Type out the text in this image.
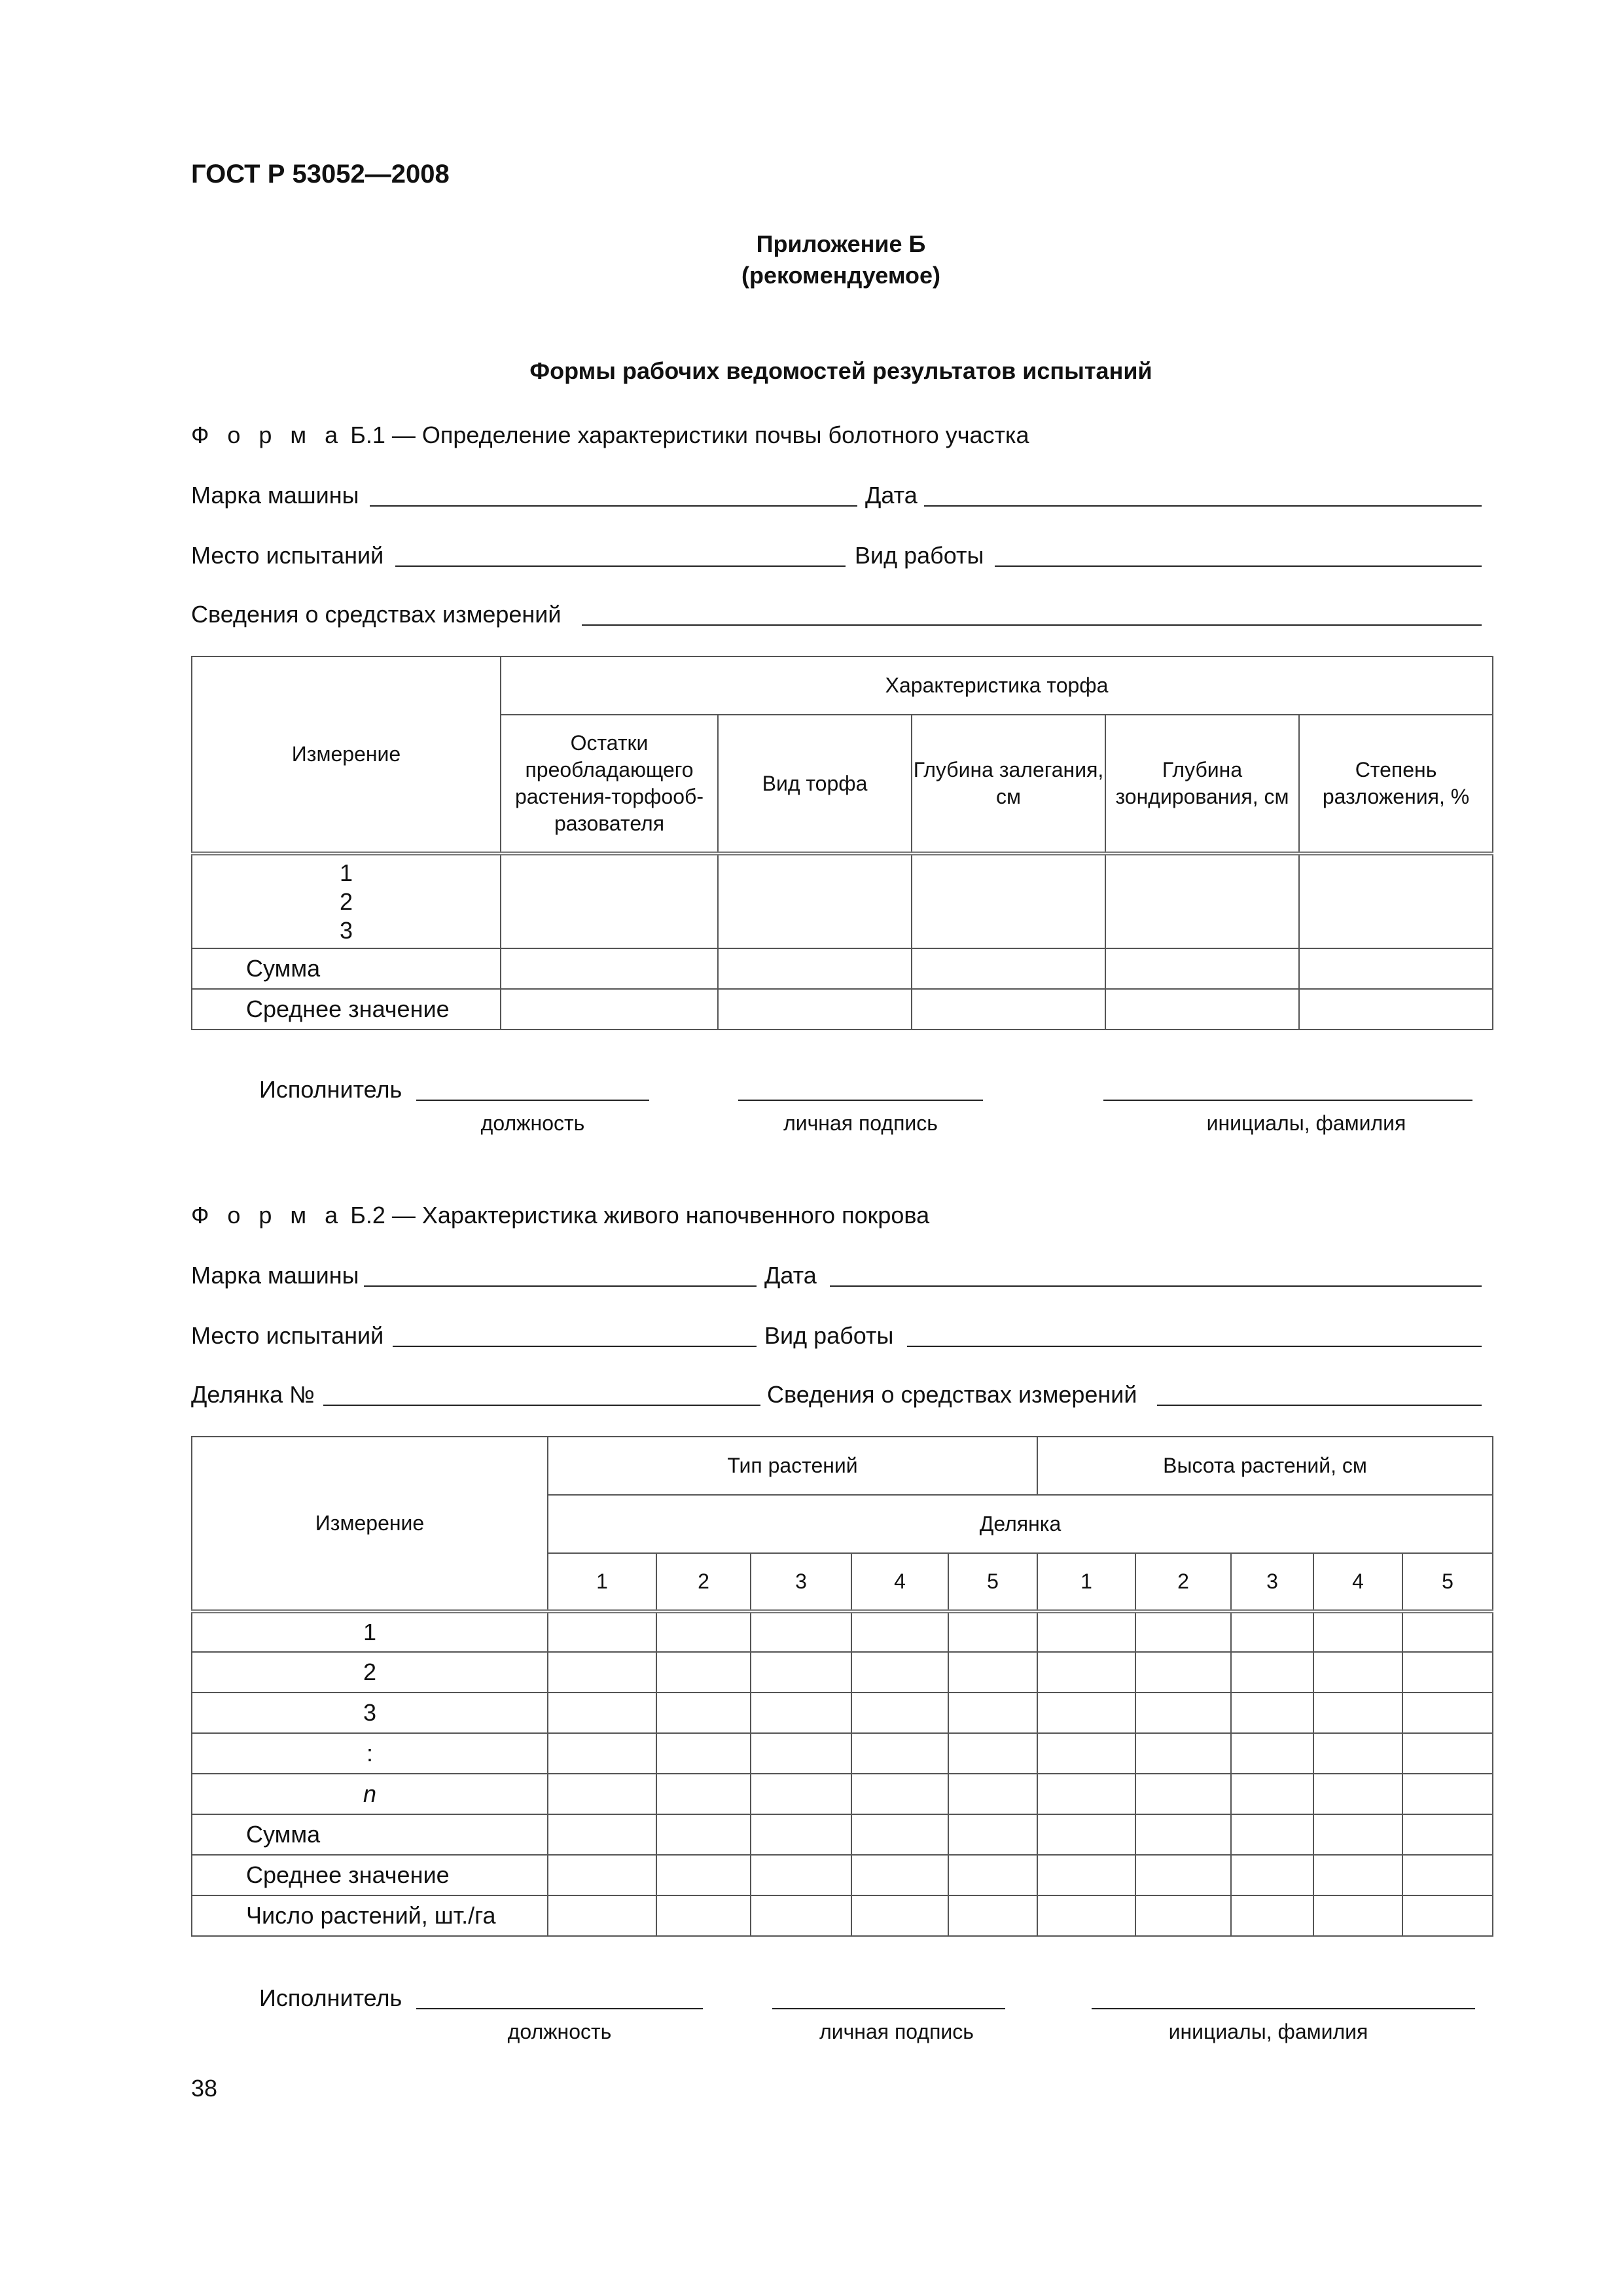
ГОСТ Р 53052—2008
Приложение Б
(рекомендуемое)
Формы рабочих ведомостей результатов испытаний
Ф о р м а Б.1 — Определение характеристики почвы болотного участка
Марка машины	Дата
Место испытаний	Вид работы
Сведения о средствах измерений
Измерение	Характеристика торфа				
	Остатки преобладающего растения-торфооб-разователя	Вид торфа	Глубина залегания, см	Глубина зондирования, см	Степень разложения, %

1
2
3					

Сумма					
Среднее значение					
Исполнитель
должность	личная подпись	инициалы, фамилия
Ф о р м а Б.2 — Характеристика живого напочвенного покрова
Марка машины	Дата
Место испытаний	Вид работы
Делянка №	Сведения о средствах измерений
Измерение	Тип растений					Высота растений, см				
	Делянка									
	1	2	3	4	5	1	2	3	4	5
1										
2										
3										
:										
n										
Сумма										
Среднее значение										
Число растений, шт./га										
Исполнитель
должность	личная подпись	инициалы, фамилия
38
